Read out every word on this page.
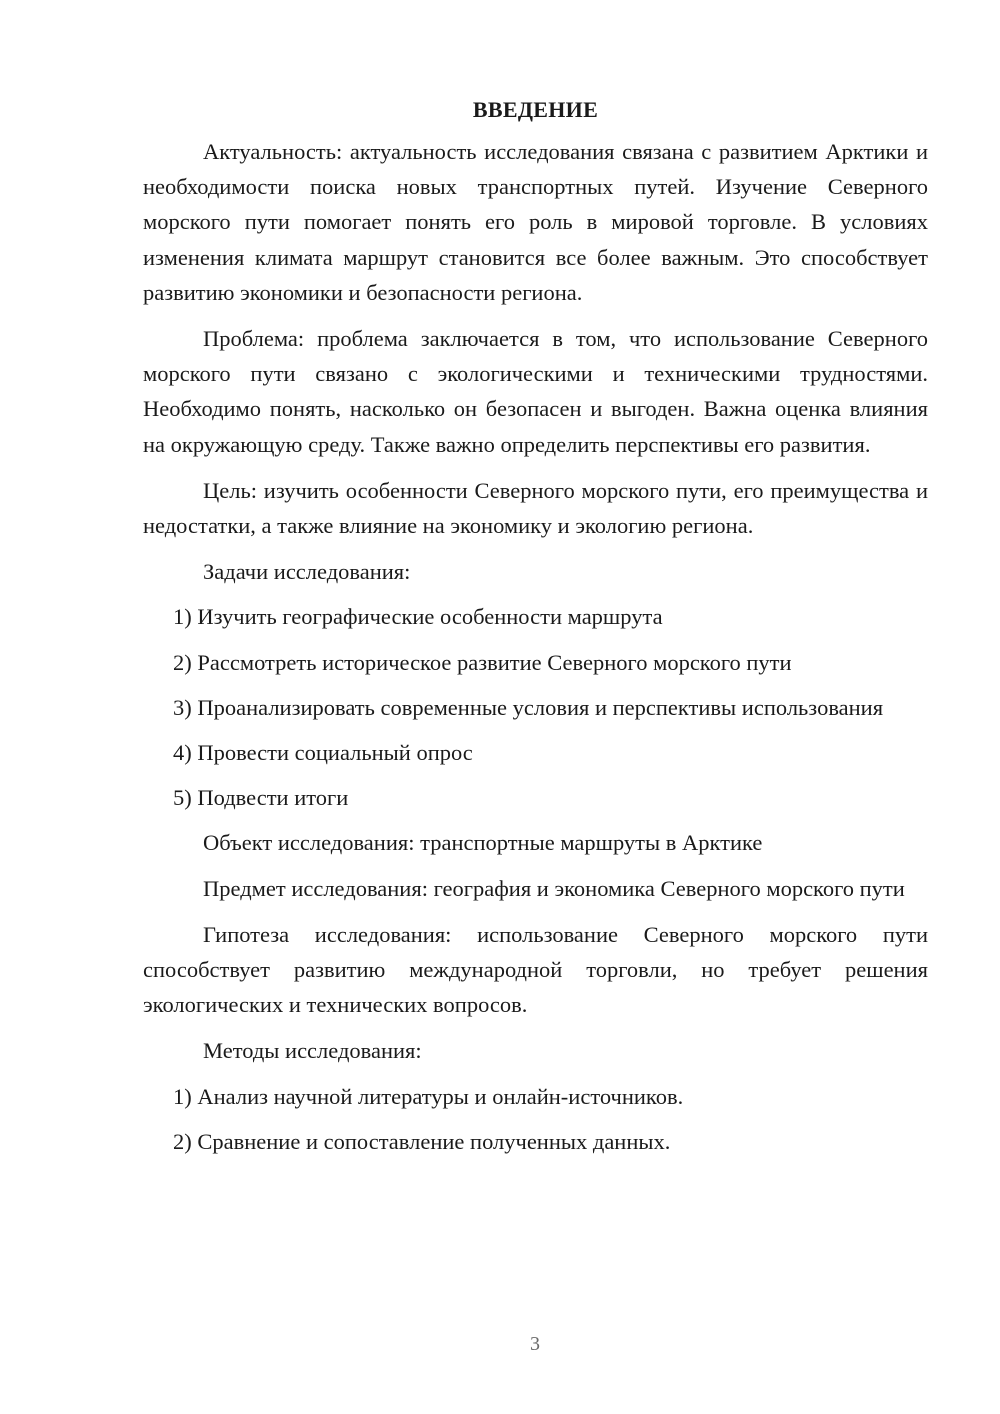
ВВЕДЕНИЕ

Актуальность: актуальность исследования связана с развитием Арктики и необходимости поиска новых транспортных путей. Изучение Северного морского пути помогает понять его роль в мировой торговле. В условиях изменения климата маршрут становится все более важным. Это способствует развитию экономики и безопасности региона.

Проблема: проблема заключается в том, что использование Северного морского пути связано с экологическими и техническими трудностями. Необходимо понять, насколько он безопасен и выгоден. Важна оценка влияния на окружающую среду. Также важно определить перспективы его развития.

Цель: изучить особенности Северного морского пути, его преимущества и недостатки, а также влияние на экономику и экологию региона.

Задачи исследования:

1) Изучить географические особенности маршрута

2) Рассмотреть историческое развитие Северного морского пути

3) Проанализировать современные условия и перспективы использования

4) Провести социальный опрос

5) Подвести итоги

Объект исследования: транспортные маршруты в Арктике

Предмет исследования: география и экономика Северного морского пути

Гипотеза исследования: использование Северного морского пути способствует развитию международной торговли, но требует решения экологических и технических вопросов.

Методы исследования:

1) Анализ научной литературы и онлайн-источников.

2) Сравнение и сопоставление полученных данных.

3
